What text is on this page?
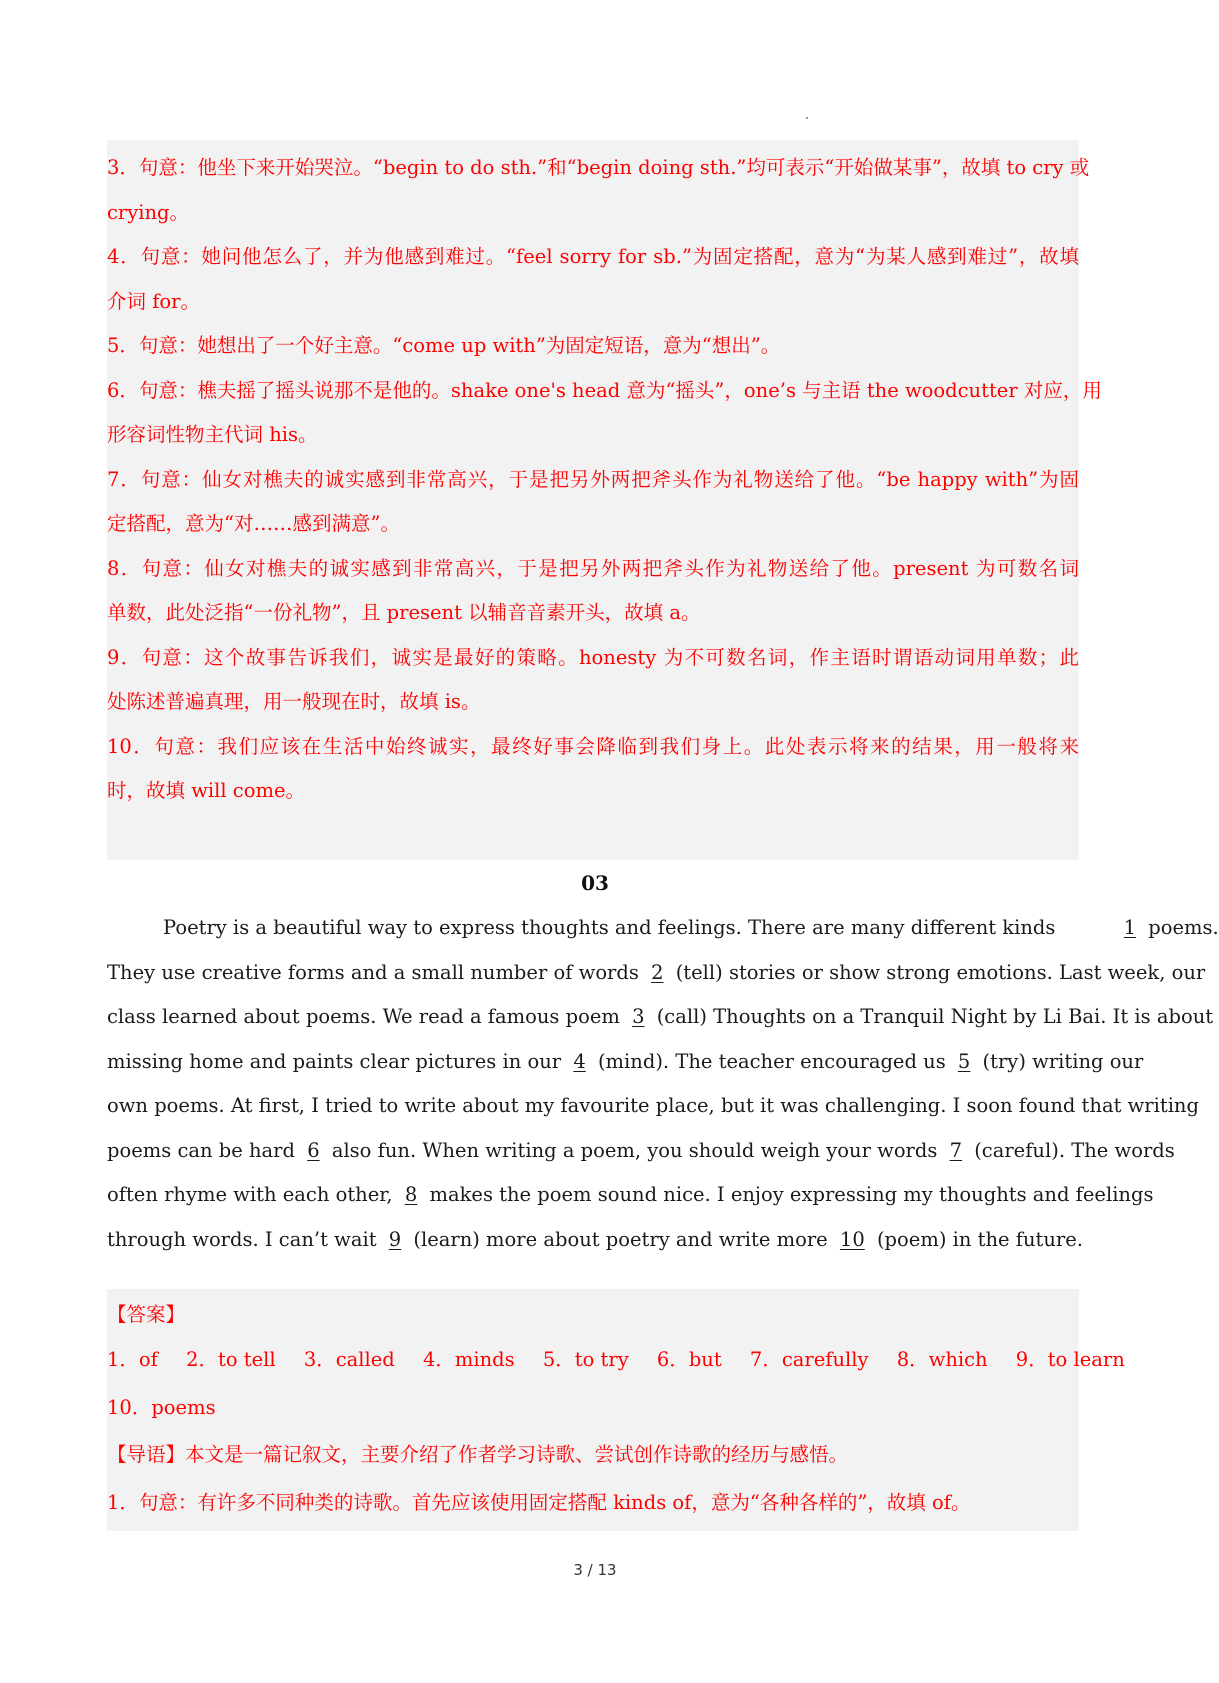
3．句意：他坐下来开始哭泣。“begin to do sth.”和“begin doing sth.”均可表示“开始做某事”，故填 to cry 或

crying。

4．句意：她问他怎么了，并为他感到难过。“feel sorry for sb.”为固定搭配，意为“为某人感到难过”，故填

介词 for。

5．句意：她想出了一个好主意。“come up with”为固定短语，意为“想出”。

6．句意：樵夫摇了摇头说那不是他的。shake one's head 意为“摇头”，one’s 与主语 the woodcutter 对应，用

形容词性物主代词 his。

7．句意：仙女对樵夫的诚实感到非常高兴，于是把另外两把斧头作为礼物送给了他。“be happy with”为固

定搭配，意为“对……感到满意”。

8．句意：仙女对樵夫的诚实感到非常高兴，于是把另外两把斧头作为礼物送给了他。present 为可数名词

单数，此处泛指“一份礼物”，且 present 以辅音音素开头，故填 a。

9．句意：这个故事告诉我们，诚实是最好的策略。honesty 为不可数名词，作主语时谓语动词用单数；此

处陈述普遍真理，用一般现在时，故填 is。

10．句意：我们应该在生活中始终诚实，最终好事会降临到我们身上。此处表示将来的结果，用一般将来

时，故填 will come。

03

Poetry is a beautiful way to express thoughts and feelings. There are many different kinds	1 poems.

They use creative forms and a small number of words 2 (tell) stories or show strong emotions. Last week, our

class learned about poems. We read a famous poem 3 (call) Thoughts on a Tranquil Night by Li Bai. It is about

missing home and paints clear pictures in our 4 (mind). The teacher encouraged us 5 (try) writing our

own poems. At first, I tried to write about my favourite place, but it was challenging. I soon found that writing

poems can be hard 6 also fun. When writing a poem, you should weigh your words 7 (careful). The words

often rhyme with each other, 8 makes the poem sound nice. I enjoy expressing my thoughts and feelings

through words. I can’t wait 9 (learn) more about poetry and write more 10 (poem) in the future.

【答案】

1．of 2．to tell 3．called 4．minds 5．to try 6．but 7．carefully 8．which 9．to learn

10．poems

【导语】本文是一篇记叙文，主要介绍了作者学习诗歌、尝试创作诗歌的经历与感悟。

1．句意：有许多不同种类的诗歌。首先应该使用固定搭配 kinds of，意为“各种各样的”，故填 of。

3 / 13
